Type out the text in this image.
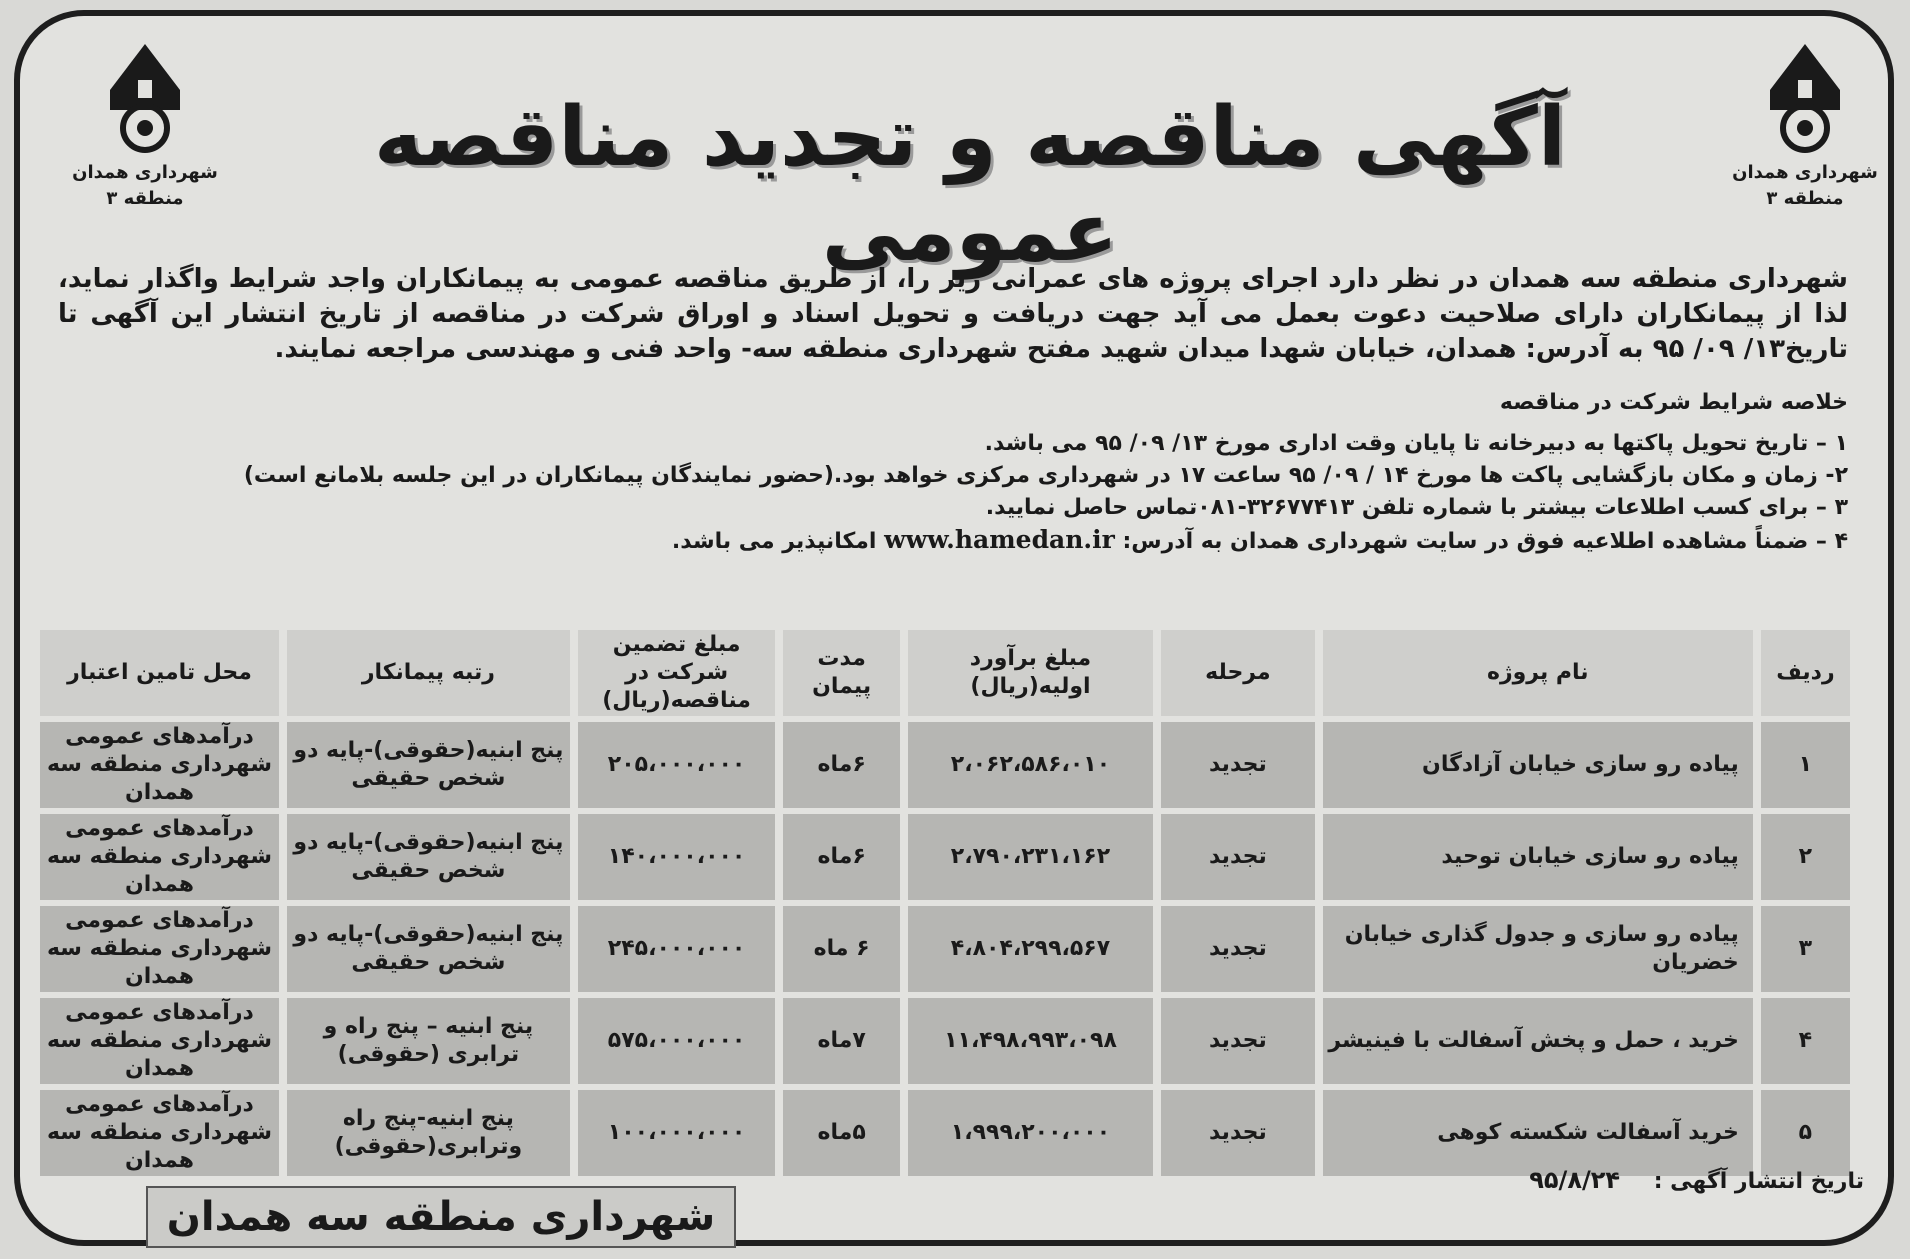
شهرداری همدان
منطقه ۳
شهرداری همدان
منطقه ۳
آگهی مناقصه و تجدید مناقصه عمومی
شهرداری منطقه سه همدان در نظر دارد اجرای پروژه های عمرانی زیر را، از طریق مناقصه عمومی به پیمانکاران واجد شرایط واگذار نماید، لذا از پیمانکاران دارای صلاحیت دعوت بعمل می آید جهت دریافت و تحویل اسناد و اوراق شرکت در مناقصه از تاریخ انتشار این آگهی تا تاریخ۱۳/ ۰۹/ ۹۵ به آدرس: همدان، خیابان شهدا میدان شهید مفتح شهرداری منطقه سه- واحد فنی و مهندسی مراجعه نمایند.
خلاصه شرایط شرکت در مناقصه
۱ – تاریخ تحویل پاکتها به دبیرخانه تا پایان وقت اداری مورخ ۱۳/ ۰۹/ ۹۵ می باشد.
۲- زمان و مکان بازگشایی پاکت ها مورخ ۱۴ / ۰۹/ ۹۵ ساعت ۱۷ در شهرداری مرکزی خواهد بود.(حضور نمایندگان پیمانکاران در این جلسه بلامانع است)
۳ – برای کسب اطلاعات بیشتر با شماره تلفن ۳۲۶۷۷۴۱۳-۰۸۱تماس حاصل نمایید.
۴ – ضمناً مشاهده اطلاعیه فوق در سایت شهرداری همدان به آدرس: www.hamedan.ir امکانپذیر می باشد.
ردیف	نام پروژه	مرحله	مبلغ برآورد اولیه(ریال)	مدت پیمان	مبلغ تضمین شرکت در مناقصه(ریال)	رتبه پیمانکار	محل تامین اعتبار
۱	پیاده رو سازی خیابان آزادگان	تجدید	۲،۰۶۲،۵۸۶،۰۱۰	۶ماه	۲۰۵،۰۰۰،۰۰۰	پنج ابنیه(حقوقی)-پایه دو شخص حقیقی	درآمدهای عمومی شهرداری منطقه سه همدان
۲	پیاده رو سازی خیابان توحید	تجدید	۲،۷۹۰،۲۳۱،۱۶۲	۶ماه	۱۴۰،۰۰۰،۰۰۰	پنج ابنیه(حقوقی)-پایه دو شخص حقیقی	درآمدهای عمومی شهرداری منطقه سه همدان
۳	پیاده رو سازی و جدول گذاری خیابان خضریان	تجدید	۴،۸۰۴،۲۹۹،۵۶۷	۶ ماه	۲۴۵،۰۰۰،۰۰۰	پنج ابنیه(حقوقی)-پایه دو شخص حقیقی	درآمدهای عمومی شهرداری منطقه سه همدان
۴	خرید ، حمل و پخش آسفالت با فینیشر	تجدید	۱۱،۴۹۸،۹۹۳،۰۹۸	۷ماه	۵۷۵،۰۰۰،۰۰۰	پنج ابنیه – پنج راه و ترابری (حقوقی)	درآمدهای عمومی شهرداری منطقه سه همدان
۵	خرید آسفالت شکسته کوهی	تجدید	۱،۹۹۹،۲۰۰،۰۰۰	۵ماه	۱۰۰،۰۰۰،۰۰۰	پنج ابنیه-پنج راه وترابری(حقوقی)	درآمدهای عمومی شهرداری منطقه سه همدان
تاریخ انتشار آگهی : ۹۵/۸/۲۴
شهرداری منطقه سه همدان
